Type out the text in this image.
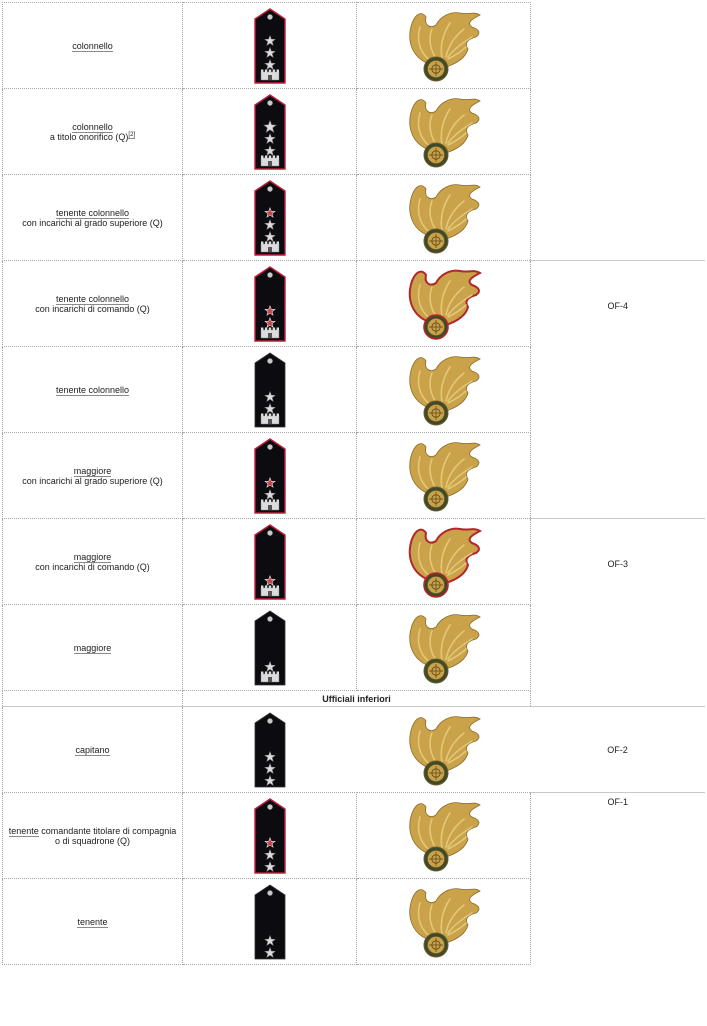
colonnello	

colonnello
a titolo onorifico (Q)[2]	

tenente colonnello
con incarichi al grado superiore (Q)	

tenente colonnello
con incarichi di comando (Q)			OF-4
tenente colonnello	

maggiore
con incarichi al grado superiore (Q)	

maggiore
con incarichi di comando (Q)			OF-3
maggiore	

	Ufficiali inferiori		
capitano			OF-2
tenente comandante titolare di compagnia
o di squadrone (Q)			OF-1
tenente	
